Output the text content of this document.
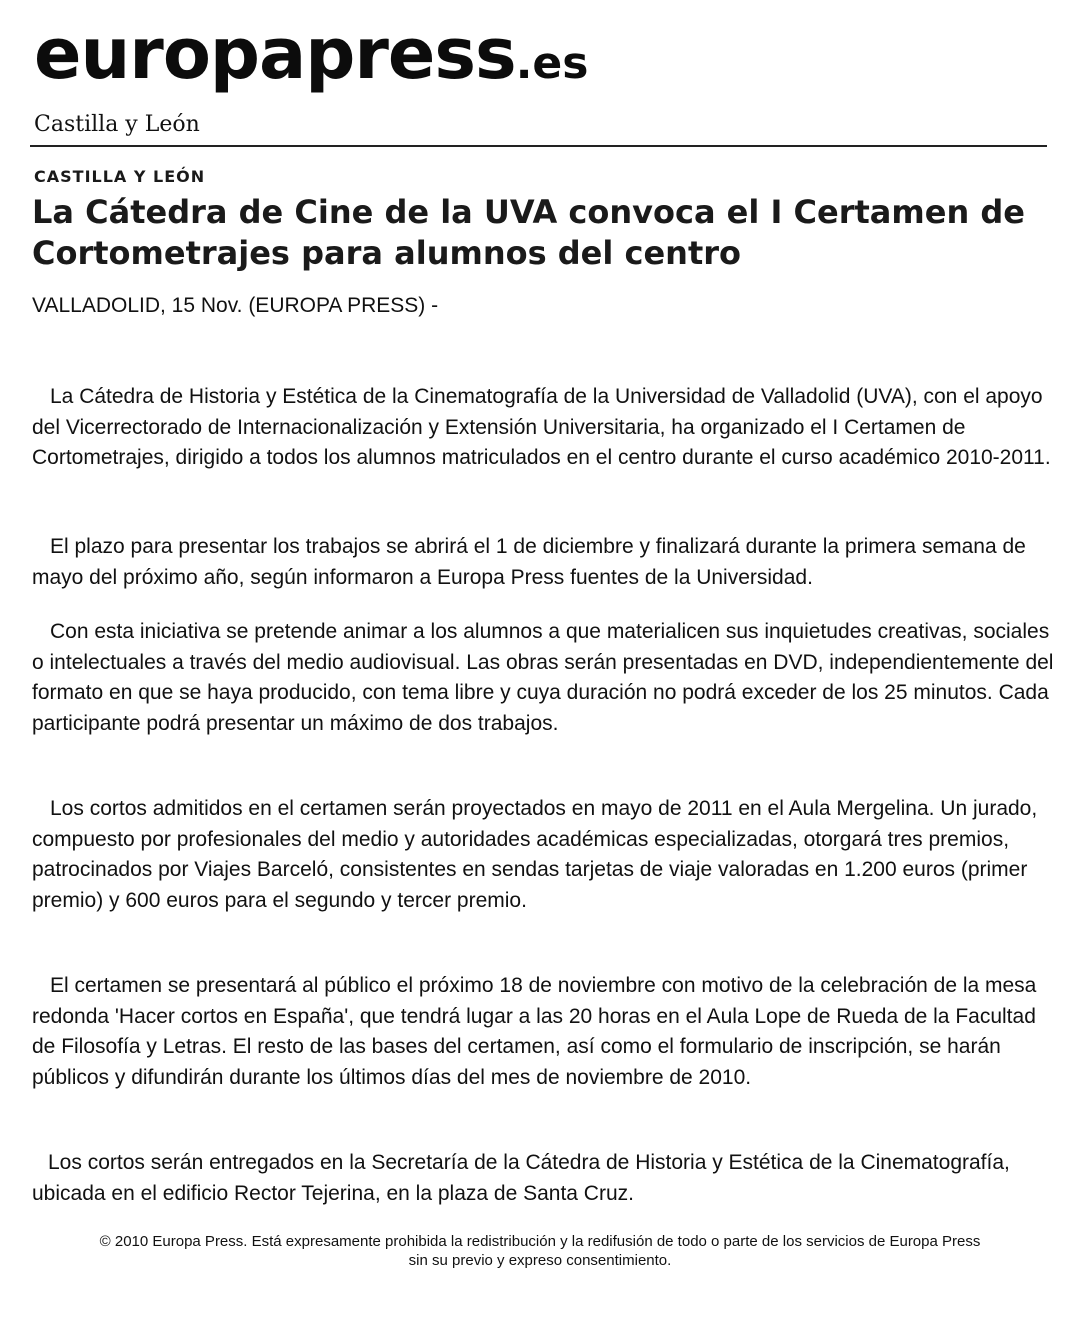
europapress.es
Castilla y León
CASTILLA Y LEÓN
La Cátedra de Cine de la UVA convoca el I Certamen de Cortometrajes para alumnos del centro
VALLADOLID, 15 Nov. (EUROPA PRESS) -

La Cátedra de Historia y Estética de la Cinematografía de la Universidad de Valladolid (UVA), con el apoyo del Vicerrectorado de Internacionalización y Extensión Universitaria, ha organizado el I Certamen de Cortometrajes, dirigido a todos los alumnos matriculados en el centro durante el curso académico 2010-2011.

El plazo para presentar los trabajos se abrirá el 1 de diciembre y finalizará durante la primera semana de mayo del próximo año, según informaron a Europa Press fuentes de la Universidad.

Con esta iniciativa se pretende animar a los alumnos a que materialicen sus inquietudes creativas, sociales o intelectuales a través del medio audiovisual. Las obras serán presentadas en DVD, independientemente del formato en que se haya producido, con tema libre y cuya duración no podrá exceder de los 25 minutos. Cada participante podrá presentar un máximo de dos trabajos.

Los cortos admitidos en el certamen serán proyectados en mayo de 2011 en el Aula Mergelina. Un jurado, compuesto por profesionales del medio y autoridades académicas especializadas, otorgará tres premios, patrocinados por Viajes Barceló, consistentes en sendas tarjetas de viaje valoradas en 1.200 euros (primer premio) y 600 euros para el segundo y tercer premio.

El certamen se presentará al público el próximo 18 de noviembre con motivo de la celebración de la mesa redonda 'Hacer cortos en España', que tendrá lugar a las 20 horas en el Aula Lope de Rueda de la Facultad de Filosofía y Letras. El resto de las bases del certamen, así como el formulario de inscripción, se harán públicos y difundirán durante los últimos días del mes de noviembre de 2010.

Los cortos serán entregados en la Secretaría de la Cátedra de Historia y Estética de la Cinematografía, ubicada en el edificio Rector Tejerina, en la plaza de Santa Cruz.

© 2010 Europa Press. Está expresamente prohibida la redistribución y la redifusión de todo o parte de los servicios de Europa Press
sin su previo y expreso consentimiento.
